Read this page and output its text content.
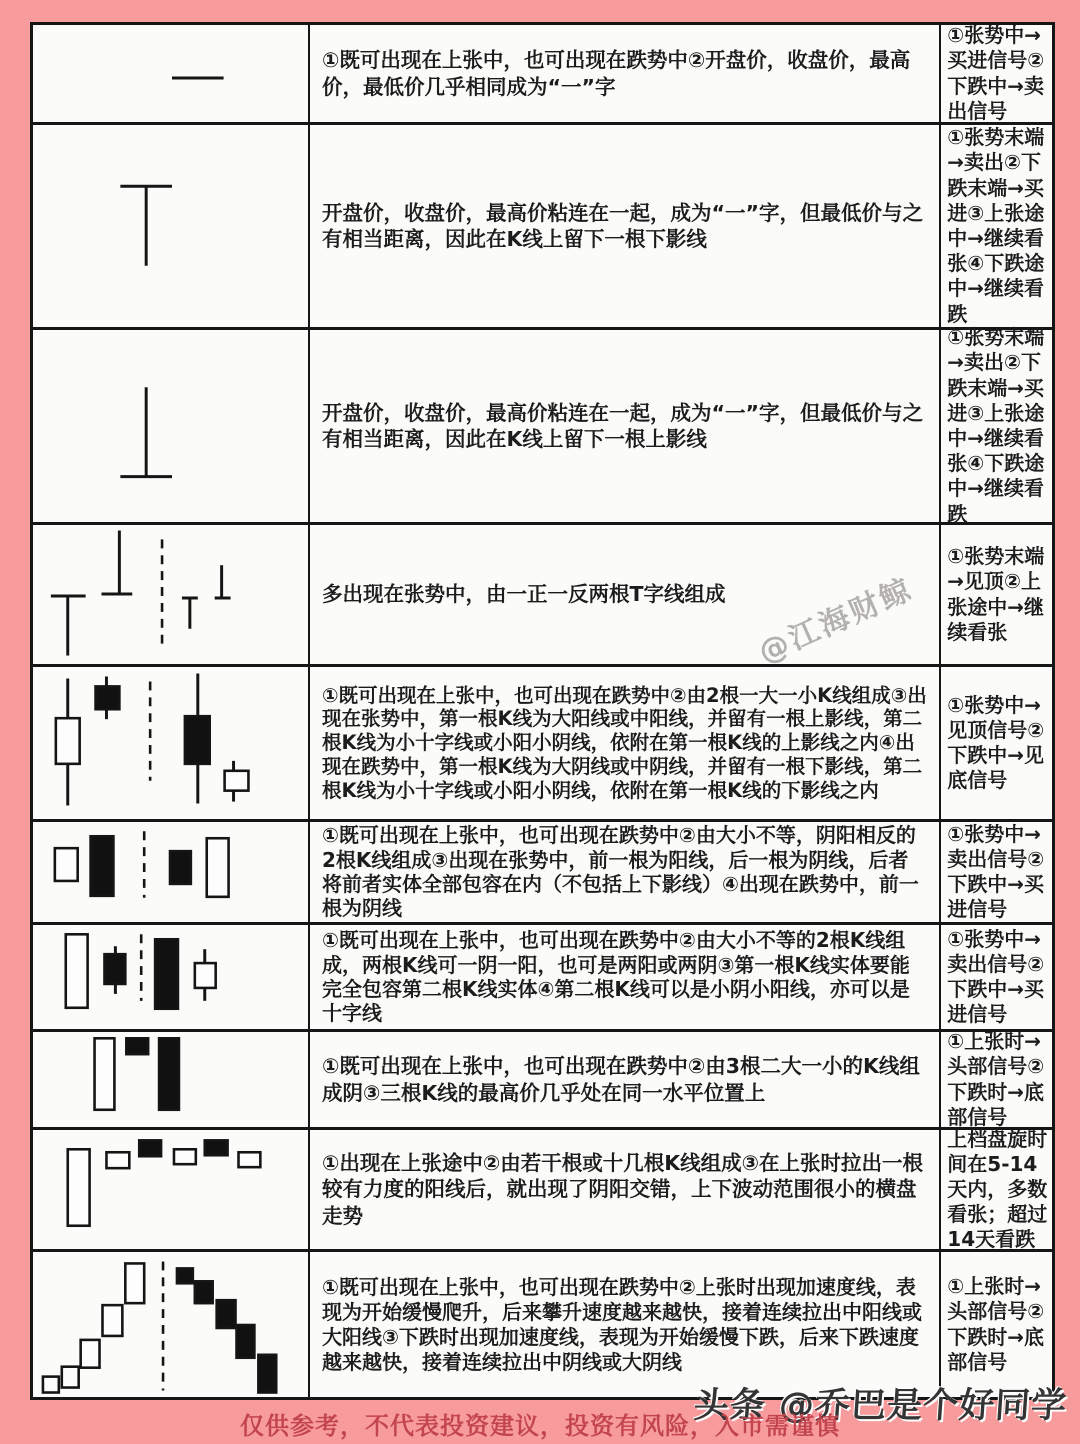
①既可出现在上张中，也可出现在跌势中②开盘价，收盘价，最高价，最低价几乎相同成为“一”字
①张势中→买进信号②下跌中→卖出信号
开盘价，收盘价，最高价粘连在一起，成为“一”字，但最低价与之有相当距离，因此在K线上留下一根下影线
①张势末端→卖出②下跌末端→买进③上张途中→继续看张④下跌途中→继续看跌
开盘价，收盘价，最高价粘连在一起，成为“一”字，但最低价与之有相当距离，因此在K线上留下一根上影线
①张势末端→卖出②下跌末端→买进③上张途中→继续看张④下跌途中→继续看跌
多出现在张势中，由一正一反两根T字线组成
①张势末端→见顶②上张途中→继续看张
①既可出现在上张中，也可出现在跌势中②由2根一大一小K线组成③出现在张势中，第一根K线为大阳线或中阳线，并留有一根上影线，第二根K线为小十字线或小阳小阴线，依附在第一根K线的上影线之内④出现在跌势中，第一根K线为大阴线或中阴线，并留有一根下影线，第二根K线为小十字线或小阳小阴线，依附在第一根K线的下影线之内
①张势中→见顶信号②下跌中→见底信号
①既可出现在上张中，也可出现在跌势中②由大小不等，阴阳相反的2根K线组成③出现在张势中，前一根为阳线，后一根为阴线，后者将前者实体全部包容在内（不包括上下影线）④出现在跌势中，前一根为阴线
①张势中→卖出信号②下跌中→买进信号
①既可出现在上张中，也可出现在跌势中②由大小不等的2根K线组成，两根K线可一阴一阳，也可是两阳或两阴③第一根K线实体要能完全包容第二根K线实体④第二根K线可以是小阴小阳线，亦可以是十字线
①张势中→卖出信号②下跌中→买进信号
①既可出现在上张中，也可出现在跌势中②由3根二大一小的K线组成阴③三根K线的最高价几乎处在同一水平位置上
①上张时→头部信号②下跌时→底部信号
①出现在上张途中②由若干根或十几根K线组成③在上张时拉出一根较有力度的阳线后，就出现了阴阳交错，上下波动范围很小的横盘走势
上档盘旋时间在5-14天内，多数看张；超过14天看跌
①既可出现在上张中，也可出现在跌势中②上张时出现加速度线，表现为开始缓慢爬升，后来攀升速度越来越快，接着连续拉出中阳线或大阳线③下跌时出现加速度线，表现为开始缓慢下跌，后来下跌速度越来越快，接着连续拉出中阴线或大阴线
①上张时→头部信号②下跌时→底部信号
@江海财鲸
头条 @乔巴是个好同学
仅供参考，不代表投资建议，投资有风险，入市需谨慎
